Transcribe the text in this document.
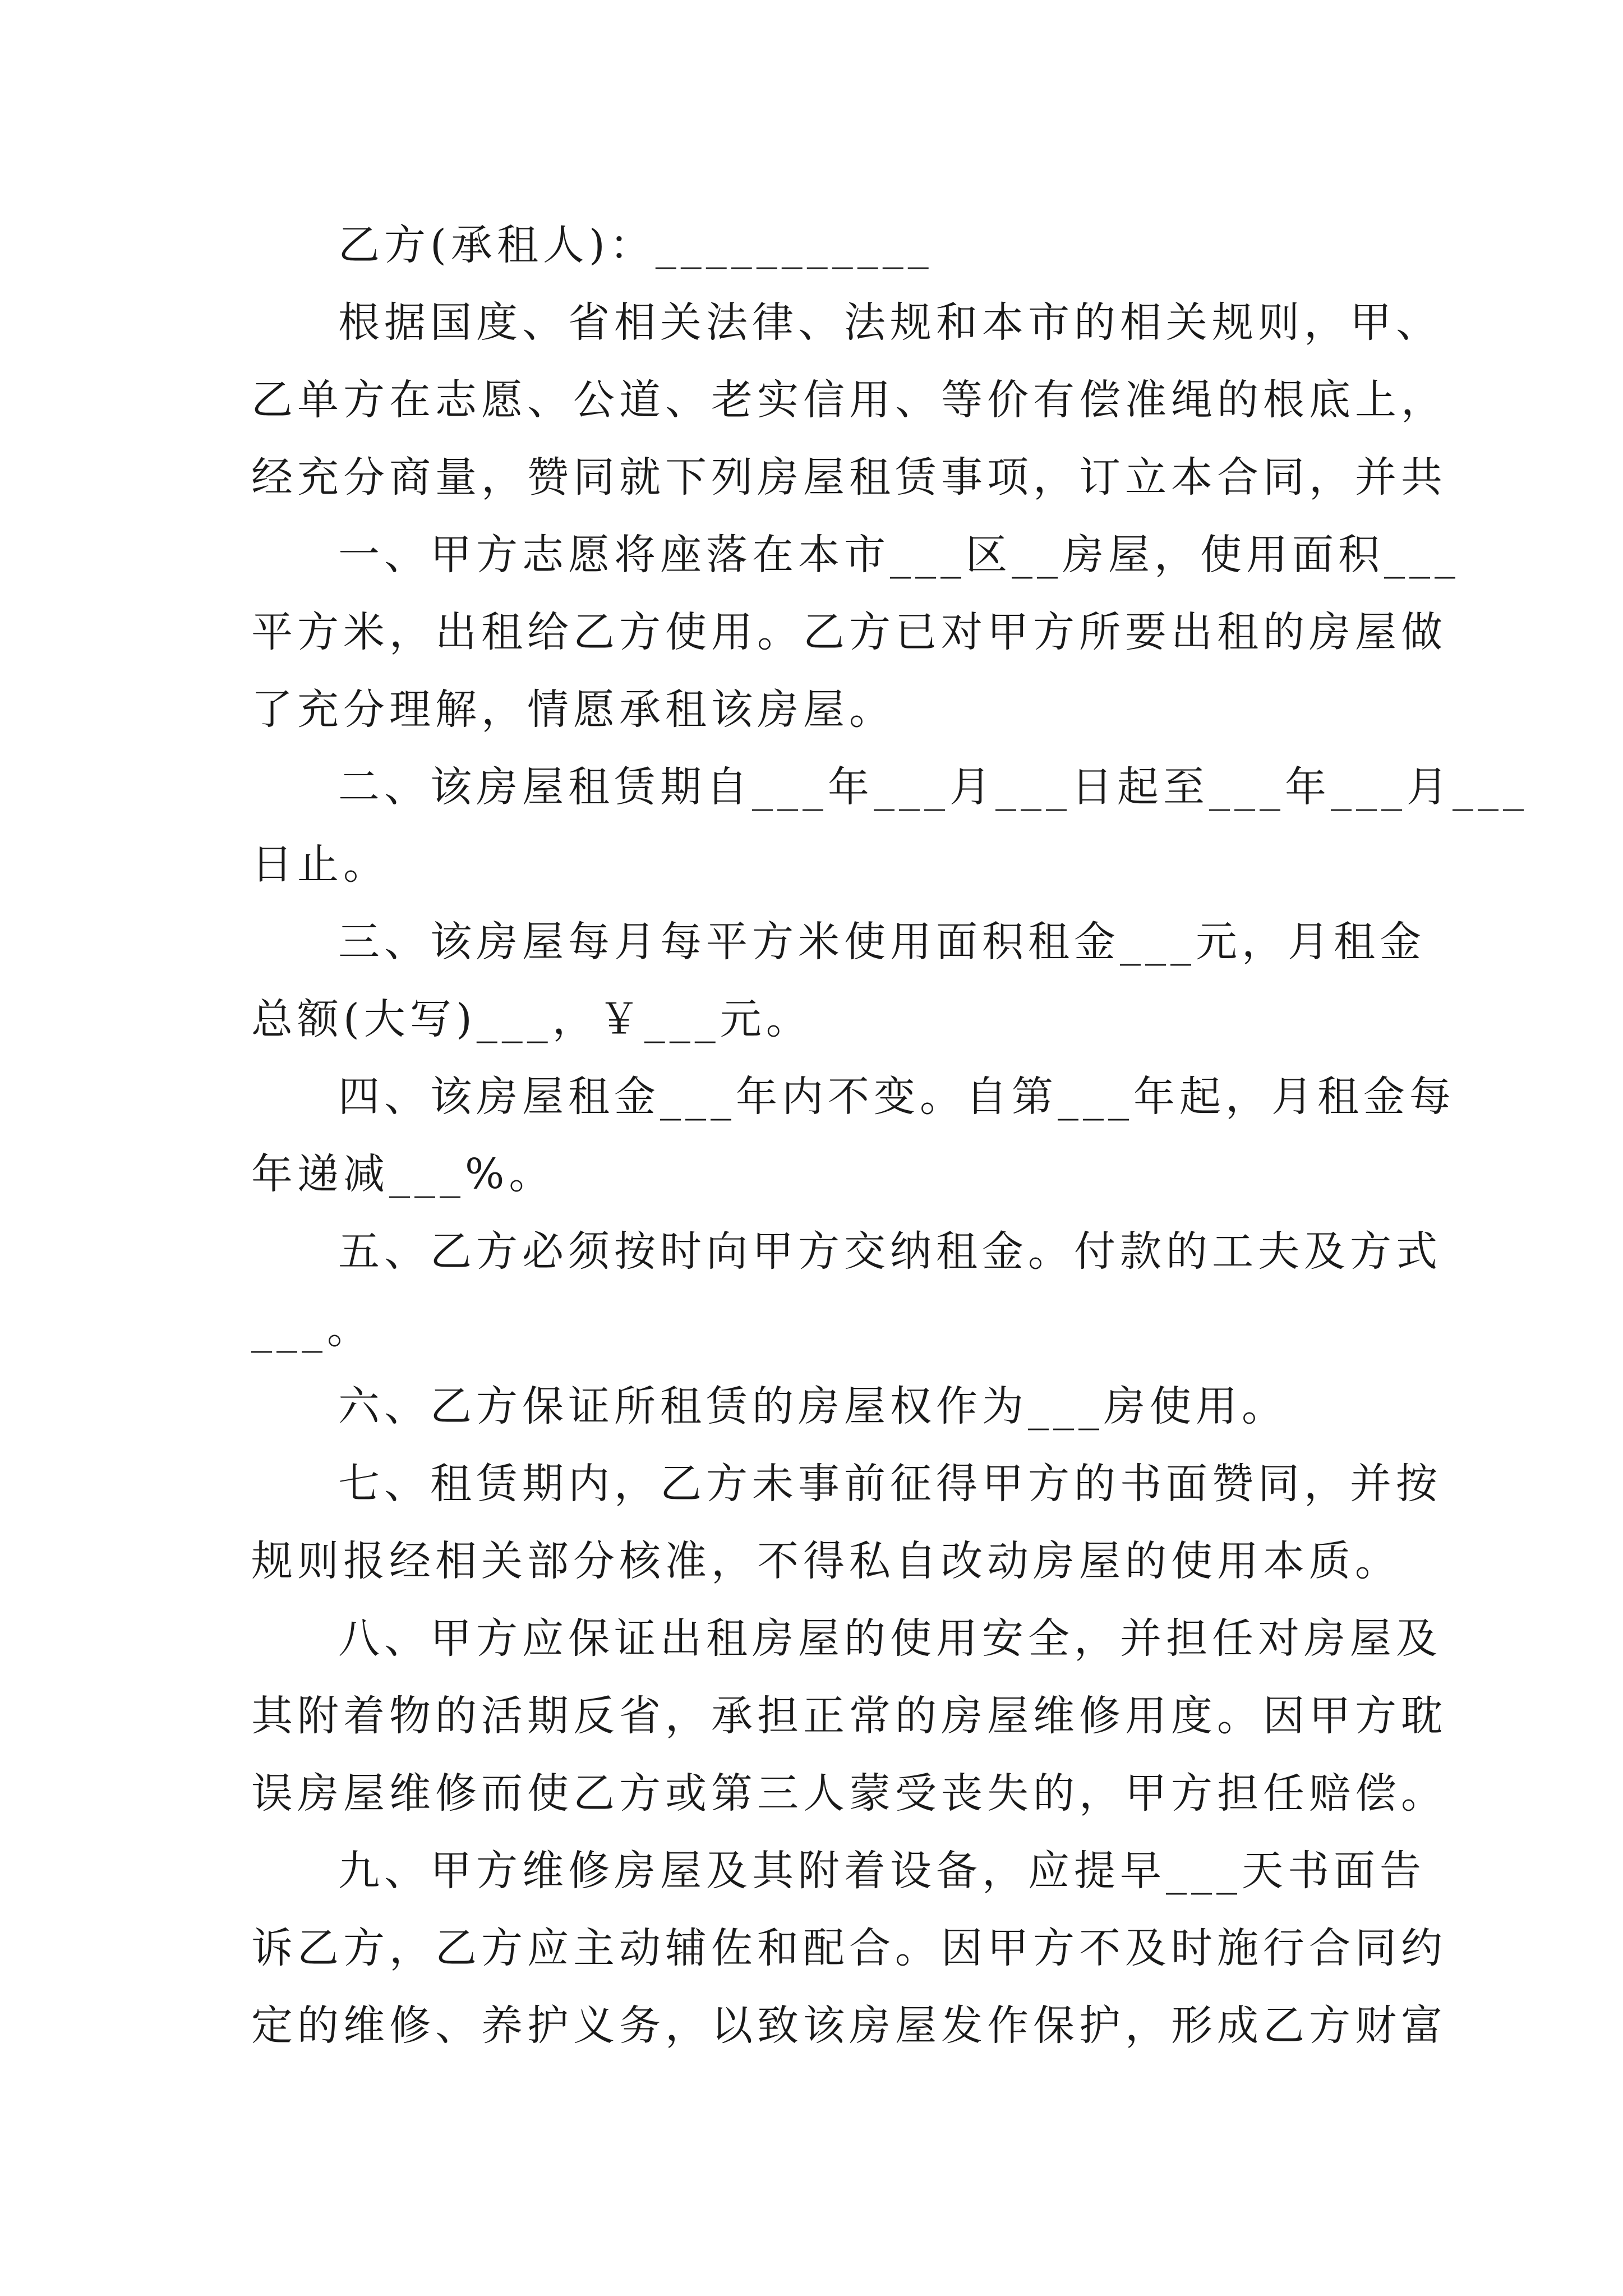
乙方(承租人)：___________
根据国度、省相关法律、法规和本市的相关规则，甲、
乙单方在志愿、公道、老实信用、等价有偿准绳的根底上，
经充分商量，赞同就下列房屋租赁事项，订立本合同，并共
一、甲方志愿将座落在本市___区__房屋，使用面积___
平方米，出租给乙方使用。乙方已对甲方所要出租的房屋做
了充分理解，情愿承租该房屋。
二、该房屋租赁期自___年___月___日起至___年___月___
日止。
三、该房屋每月每平方米使用面积租金___元，月租金
总额(大写)___，￥___元。
四、该房屋租金___年内不变。自第___年起，月租金每
年递减___%。
五、乙方必须按时向甲方交纳租金。付款的工夫及方式
___。
六、乙方保证所租赁的房屋权作为___房使用。
七、租赁期内，乙方未事前征得甲方的书面赞同，并按
规则报经相关部分核准，不得私自改动房屋的使用本质。
八、甲方应保证出租房屋的使用安全，并担任对房屋及
其附着物的活期反省，承担正常的房屋维修用度。因甲方耽
误房屋维修而使乙方或第三人蒙受丧失的，甲方担任赔偿。
九、甲方维修房屋及其附着设备，应提早___天书面告
诉乙方，乙方应主动辅佐和配合。因甲方不及时施行合同约
定的维修、养护义务，以致该房屋发作保护，形成乙方财富
